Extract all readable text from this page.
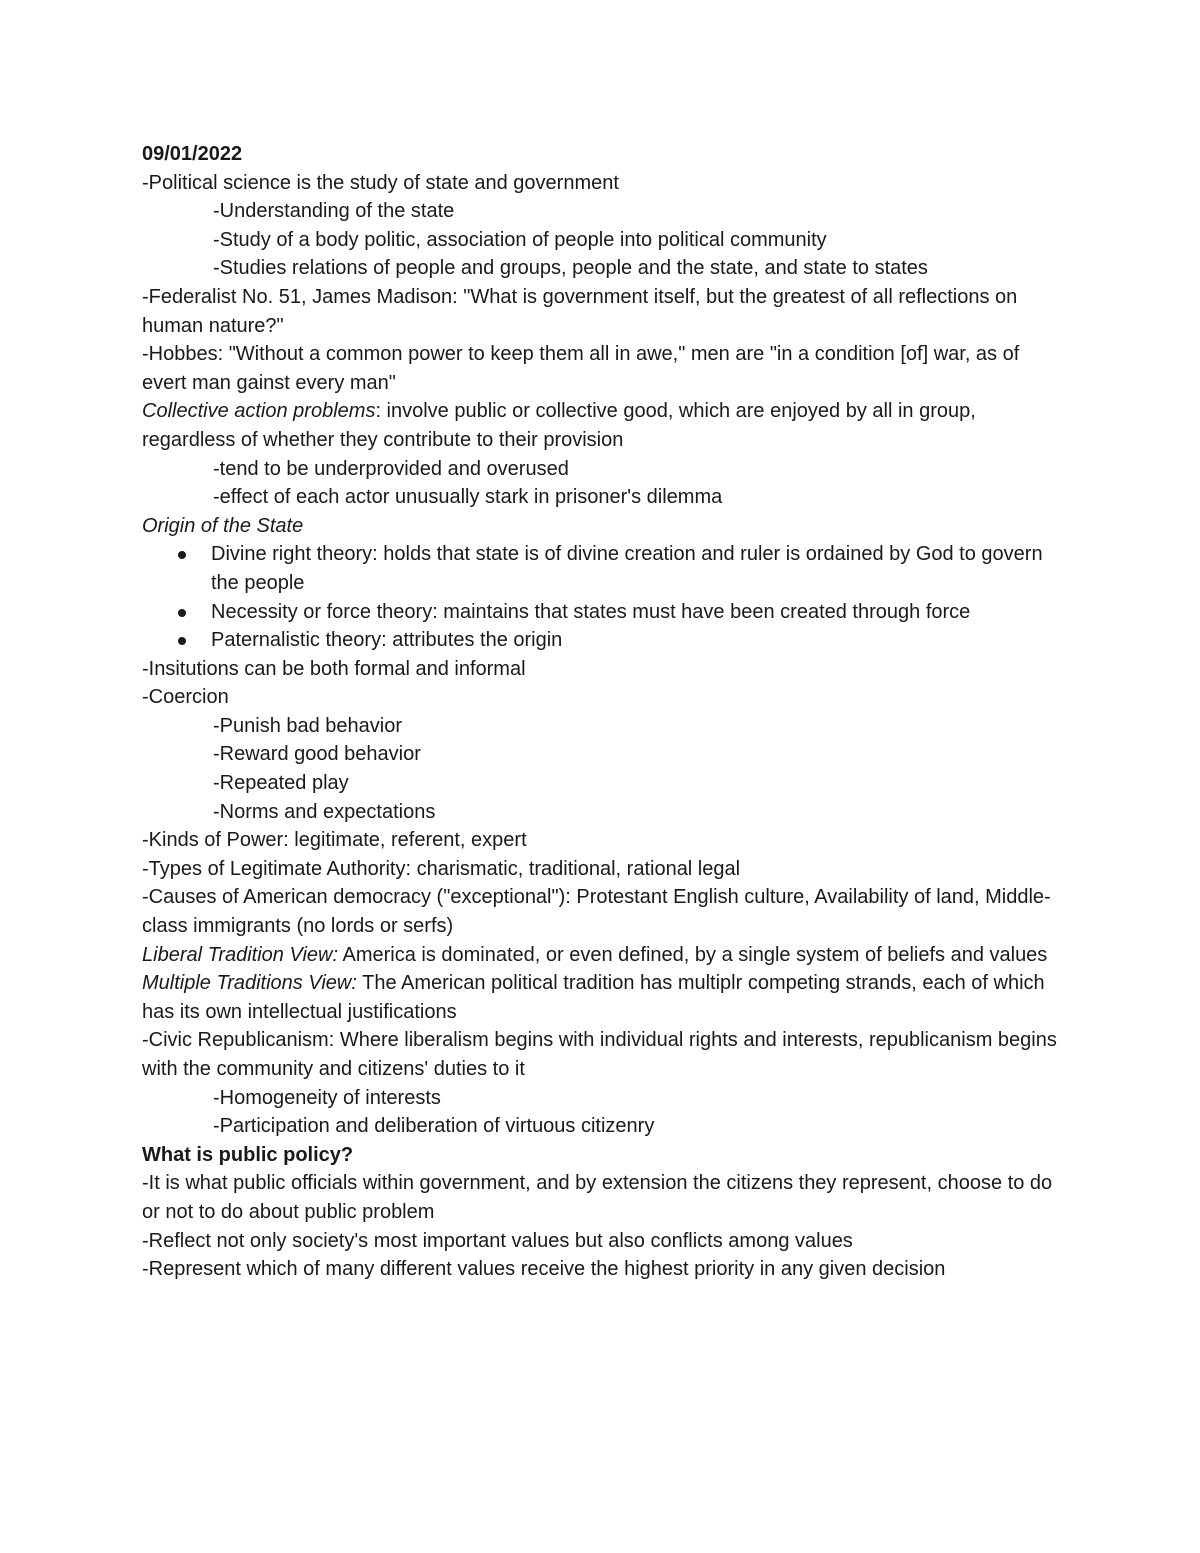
09/01/2022

-Political science is the study of state and government

-Understanding of the state

-Study of a body politic, association of people into political community

-Studies relations of people and groups, people and the state, and state to states

-Federalist No. 51, James Madison: "What is government itself, but the greatest of all reflections on human nature?"

-Hobbes: "Without a common power to keep them all in awe," men are "in a condition [of] war, as of evert man gainst every man"

Collective action problems: involve public or collective good, which are enjoyed by all in group, regardless of whether they contribute to their provision

-tend to be underprovided and overused

-effect of each actor unusually stark in prisoner's dilemma

Origin of the State

Divine right theory: holds that state is of divine creation and ruler is ordained by God to govern the people
Necessity or force theory: maintains that states must have been created through force
Paternalistic theory: attributes the origin

-Insitutions can be both formal and informal

-Coercion

-Punish bad behavior

-Reward good behavior

-Repeated play

-Norms and expectations

-Kinds of Power: legitimate, referent, expert

-Types of Legitimate Authority: charismatic, traditional, rational legal

-Causes of American democracy ("exceptional"): Protestant English culture, Availability of land, Middle-class immigrants (no lords or serfs)

Liberal Tradition View: America is dominated, or even defined, by a single system of beliefs and values

Multiple Traditions View: The American political tradition has multiplr competing strands, each of which has its own intellectual justifications

-Civic Republicanism: Where liberalism begins with individual rights and interests, republicanism begins with the community and citizens' duties to it

-Homogeneity of interests

-Participation and deliberation of virtuous citizenry

What is public policy?

-It is what public officials within government, and by extension the citizens they represent, choose to do or not to do about public problem

-Reflect not only society's most important values but also conflicts among values

-Represent which of many different values receive the highest priority in any given decision
